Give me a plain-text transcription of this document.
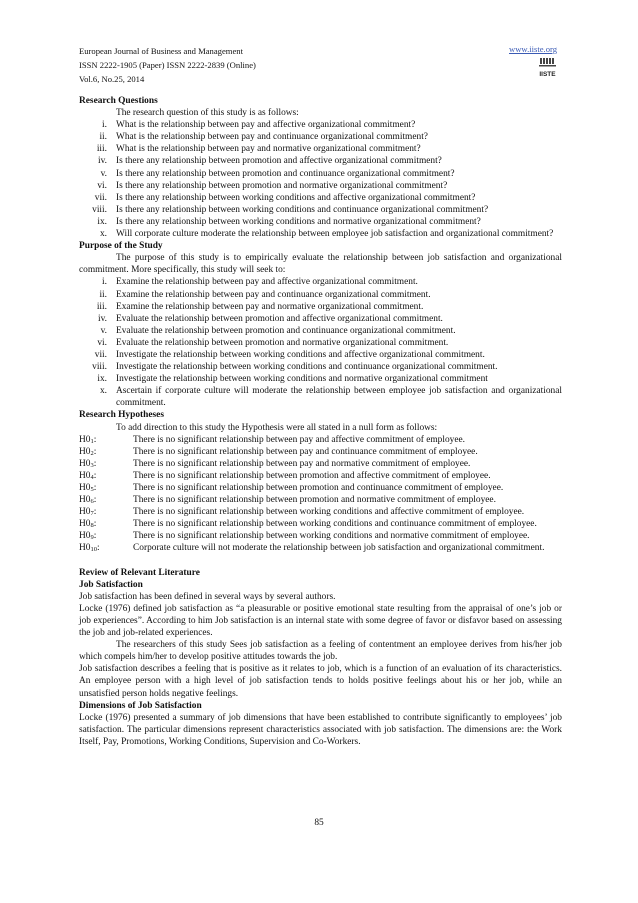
European Journal of Business and Management
ISSN 2222-1905 (Paper) ISSN 2222-2839 (Online)
Vol.6, No.25, 2014
www.iiste.org
IISTE
Research Questions
The research question of this study is as follows:
i. What is the relationship between pay and affective organizational commitment?
ii. What is the relationship between pay and continuance organizational commitment?
iii. What is the relationship between pay and normative organizational commitment?
iv. Is there any relationship between promotion and affective organizational commitment?
v. Is there any relationship between promotion and continuance organizational commitment?
vi. Is there any relationship between promotion and normative organizational commitment?
vii. Is there any relationship between working conditions and affective organizational commitment?
viii. Is there any relationship between working conditions and continuance organizational commitment?
ix. Is there any relationship between working conditions and normative organizational commitment?
x. Will corporate culture moderate the relationship between employee job satisfaction and organizational commitment?
Purpose of the Study
The purpose of this study is to empirically evaluate the relationship between job satisfaction and organizational commitment. More specifically, this study will seek to:
i. Examine the relationship between pay and affective organizational commitment.
ii. Examine the relationship between pay and continuance organizational commitment.
iii. Examine the relationship between pay and normative organizational commitment.
iv. Evaluate the relationship between promotion and affective organizational commitment.
v. Evaluate the relationship between promotion and continuance organizational commitment.
vi. Evaluate the relationship between promotion and normative organizational commitment.
vii. Investigate the relationship between working conditions and affective organizational commitment.
viii. Investigate the relationship between working conditions and continuance organizational commitment.
ix. Investigate the relationship between working conditions and normative organizational commitment
x. Ascertain if corporate culture will moderate the relationship between employee job satisfaction and organizational commitment.
Research Hypotheses
To add direction to this study the Hypothesis were all stated in a null form as follows:
$H0_1$:	There is no significant relationship between pay and affective commitment of employee.
$H0_2$:	There is no significant relationship between pay and continuance commitment of employee.
$H0_3$:	There is no significant relationship between pay and normative commitment of employee.
$H0_4$:	There is no significant relationship between promotion and affective commitment of employee.
$H0_5$:	There is no significant relationship between promotion and continuance commitment of employee.
$H0_6$:	There is no significant relationship between promotion and normative commitment of employee.
$H0_7$:	There is no significant relationship between working conditions and affective commitment of employee.
$H0_8$:	There is no significant relationship between working conditions and continuance commitment of employee.
$H0_9$:	There is no significant relationship between working conditions and normative commitment of employee.
$H0_{10}$:	Corporate culture will not moderate the relationship between job satisfaction and organizational commitment.
Review of Relevant Literature
Job Satisfaction
Job satisfaction has been defined in several ways by several authors.
Locke (1976) defined job satisfaction as “a pleasurable or positive emotional state resulting from the appraisal of one’s job or job experiences”. According to him Job satisfaction is an internal state with some degree of favor or disfavor based on assessing the job and job-related experiences.
The researchers of this study Sees job satisfaction as a feeling of contentment an employee derives from his/her job which compels him/her to develop positive attitudes towards the job.
Job satisfaction describes a feeling that is positive as it relates to job, which is a function of an evaluation of its characteristics. An employee person with a high level of job satisfaction tends to holds positive feelings about his or her job, while an unsatisfied person holds negative feelings.
Dimensions of Job Satisfaction
Locke (1976) presented a summary of job dimensions that have been established to contribute significantly to employees’ job satisfaction. The particular dimensions represent characteristics associated with job satisfaction. The dimensions are: the Work Itself, Pay, Promotions, Working Conditions, Supervision and Co-Workers.
85
